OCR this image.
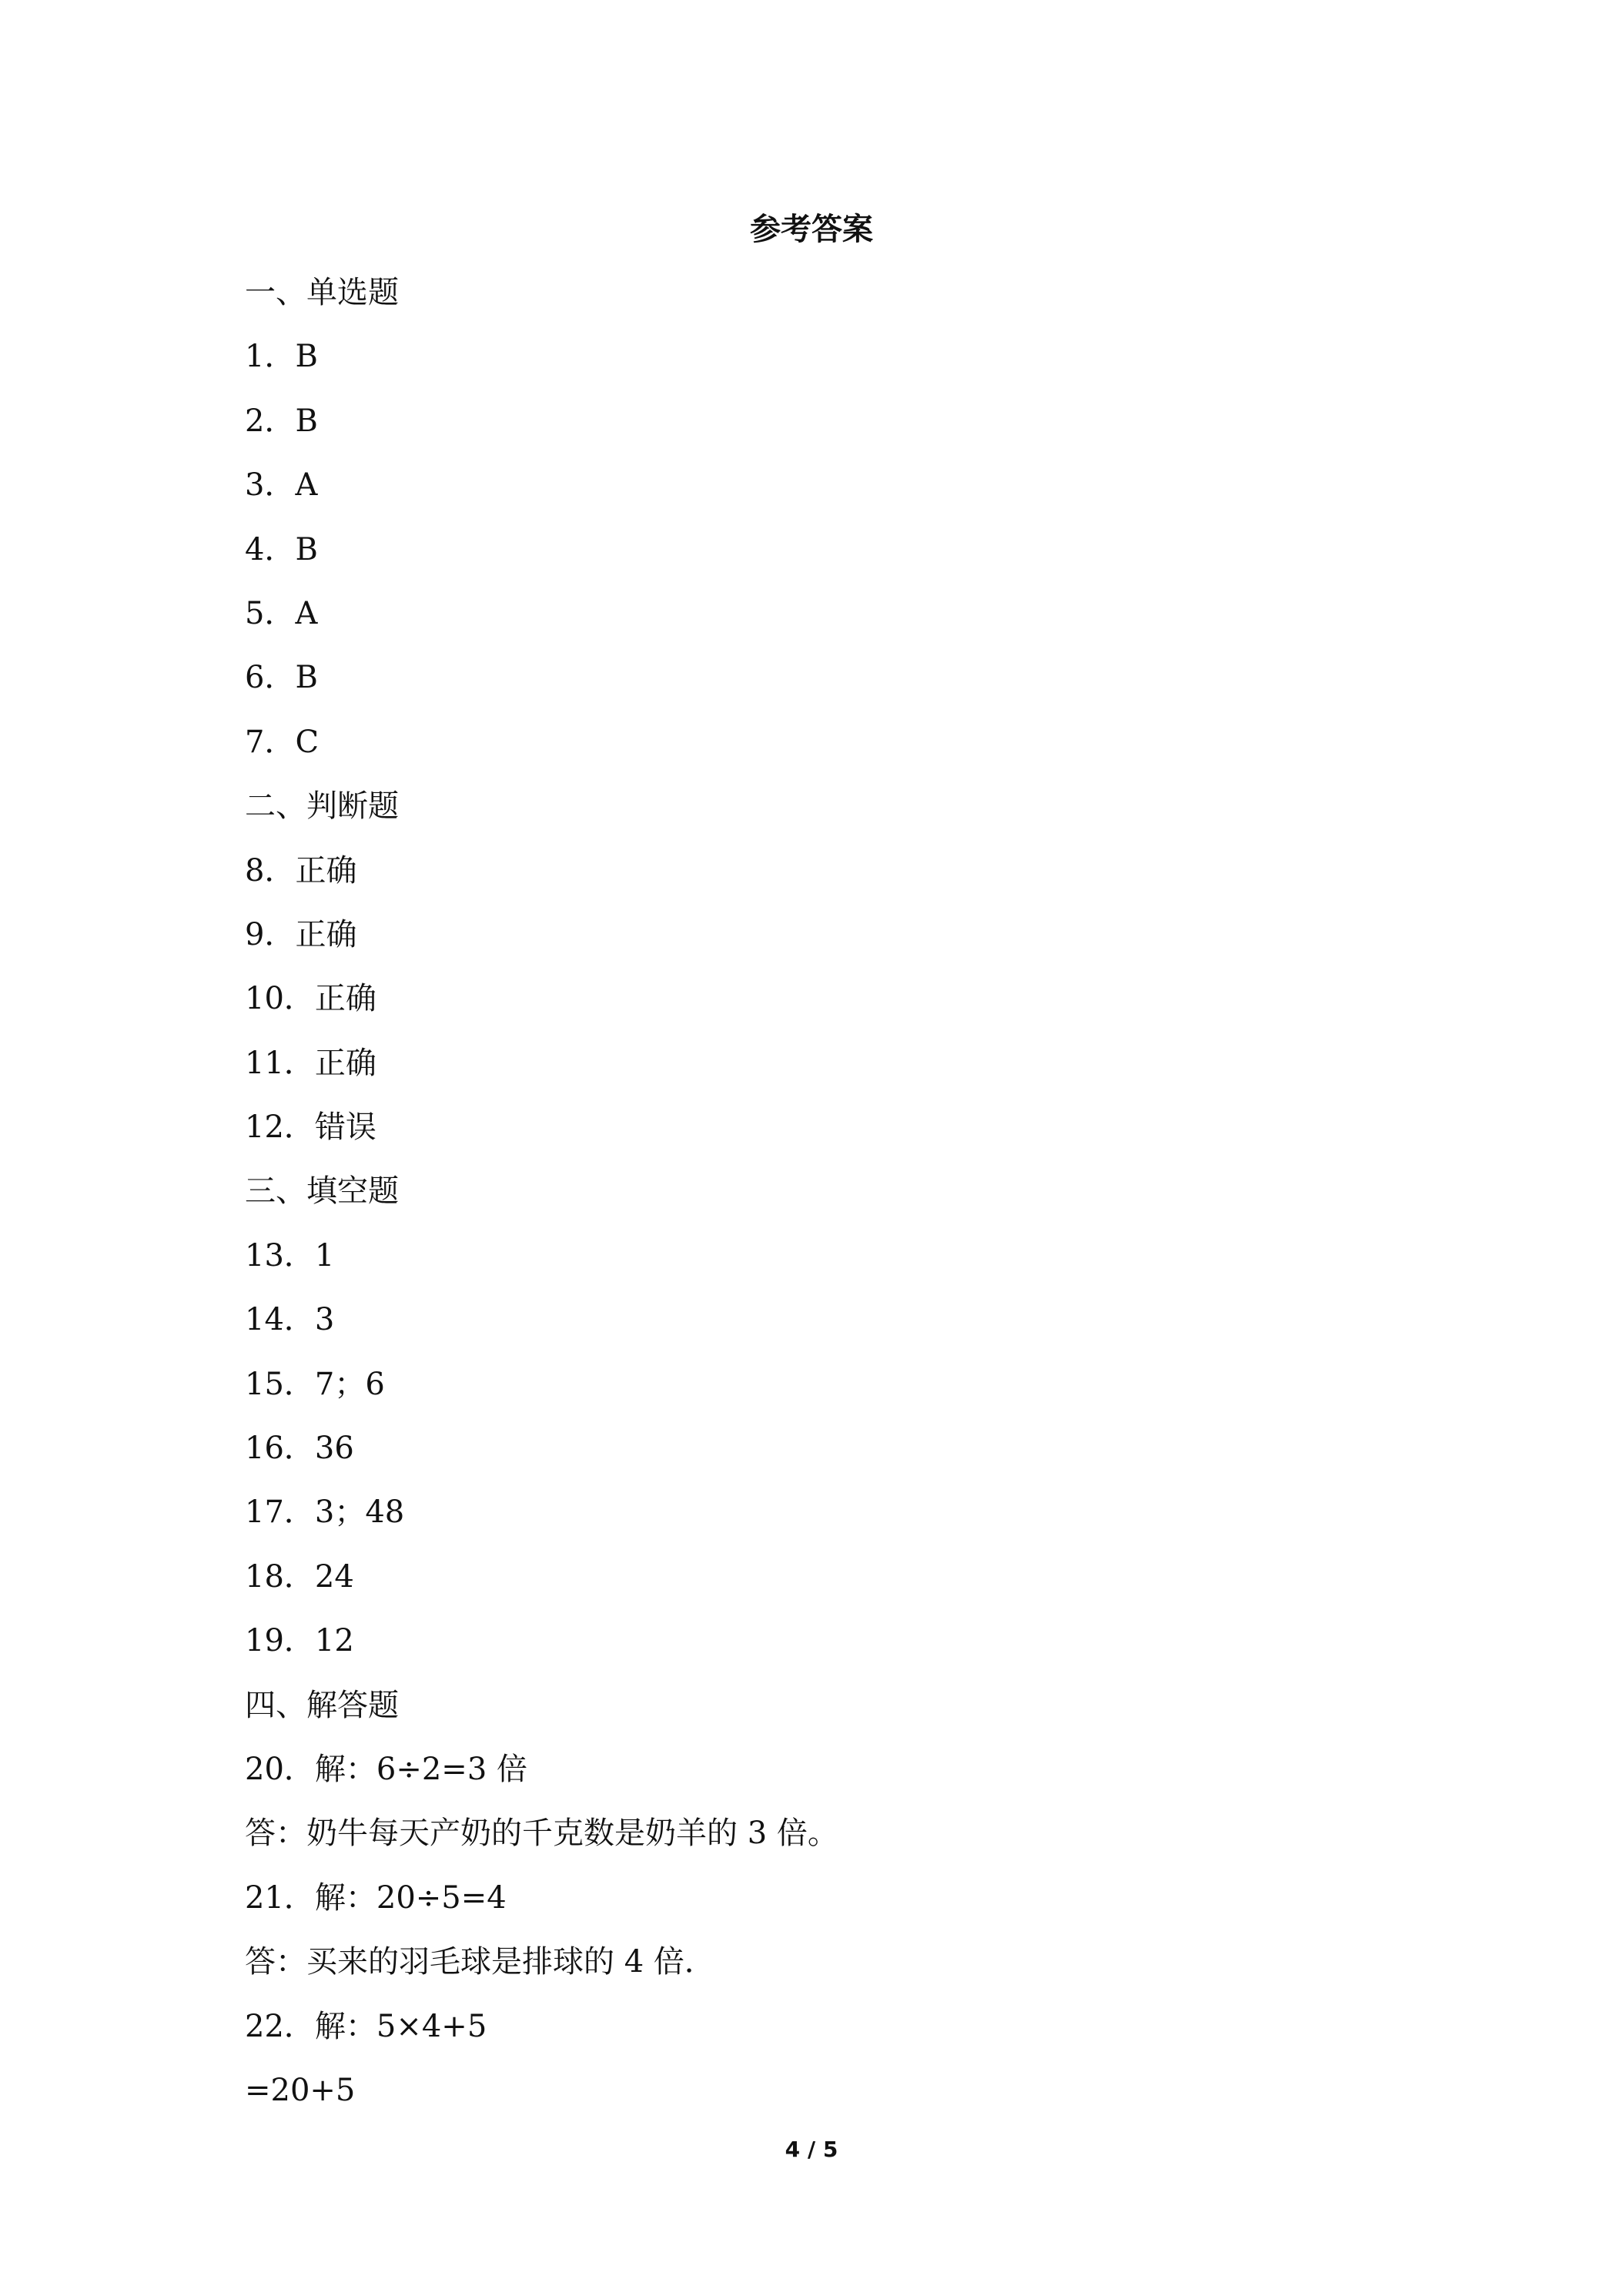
参考答案
一、单选题
1．B
2．B
3．A
4．B
5．A
6．B
7．C
二、判断题
8．正确
9．正确
10．正确
11．正确
12．错误
三、填空题
13．1
14．3
15．7；6
16．36
17．3；48
18．24
19．12
四、解答题
20．解：6÷2=3 倍
答：奶牛每天产奶的千克数是奶羊的 3 倍。
21．解：20÷5=4
答：买来的羽毛球是排球的 4 倍．
22．解：5×4+5
=20+5
4 / 5
